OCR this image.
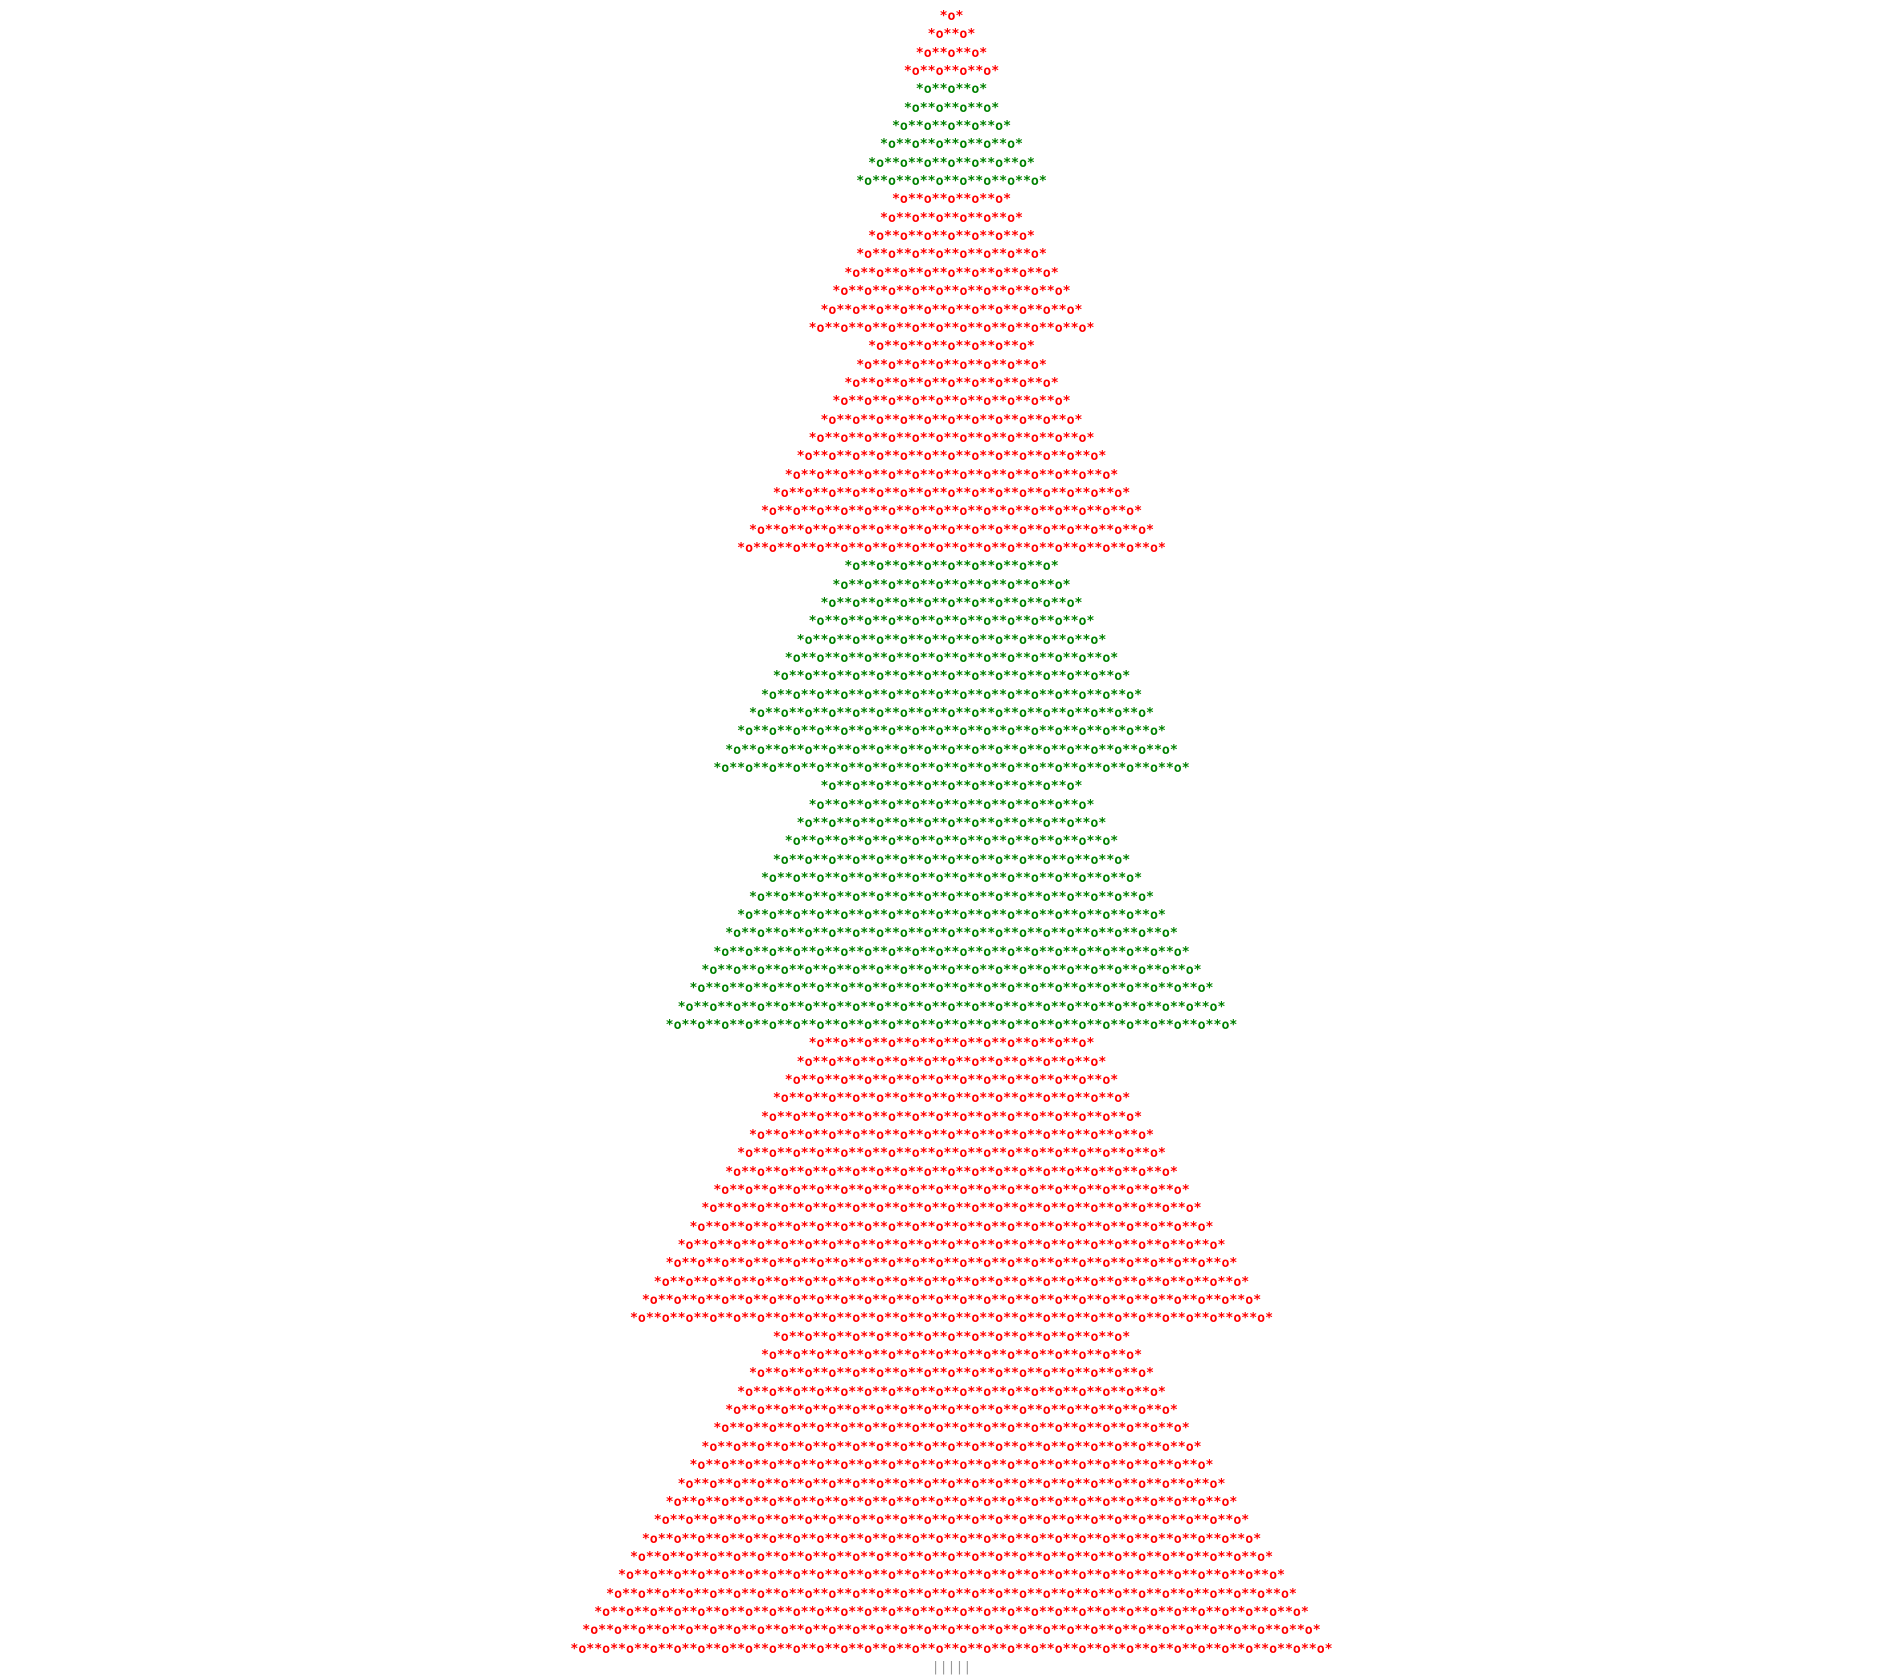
*o*
*o**o*
*o**o**o*
*o**o**o**o*
*o**o**o*
*o**o**o**o*
*o**o**o**o**o*
*o**o**o**o**o**o*
*o**o**o**o**o**o**o*
*o**o**o**o**o**o**o**o*
*o**o**o**o**o*
*o**o**o**o**o**o*
*o**o**o**o**o**o**o*
*o**o**o**o**o**o**o**o*
*o**o**o**o**o**o**o**o**o*
*o**o**o**o**o**o**o**o**o**o*
*o**o**o**o**o**o**o**o**o**o**o*
*o**o**o**o**o**o**o**o**o**o**o**o*
*o**o**o**o**o**o**o*
*o**o**o**o**o**o**o**o*
*o**o**o**o**o**o**o**o**o*
*o**o**o**o**o**o**o**o**o**o*
*o**o**o**o**o**o**o**o**o**o**o*
*o**o**o**o**o**o**o**o**o**o**o**o*
*o**o**o**o**o**o**o**o**o**o**o**o**o*
*o**o**o**o**o**o**o**o**o**o**o**o**o**o*
*o**o**o**o**o**o**o**o**o**o**o**o**o**o**o*
*o**o**o**o**o**o**o**o**o**o**o**o**o**o**o**o*
*o**o**o**o**o**o**o**o**o**o**o**o**o**o**o**o**o*
*o**o**o**o**o**o**o**o**o**o**o**o**o**o**o**o**o**o*
*o**o**o**o**o**o**o**o**o*
*o**o**o**o**o**o**o**o**o**o*
*o**o**o**o**o**o**o**o**o**o**o*
*o**o**o**o**o**o**o**o**o**o**o**o*
*o**o**o**o**o**o**o**o**o**o**o**o**o*
*o**o**o**o**o**o**o**o**o**o**o**o**o**o*
*o**o**o**o**o**o**o**o**o**o**o**o**o**o**o*
*o**o**o**o**o**o**o**o**o**o**o**o**o**o**o**o*
*o**o**o**o**o**o**o**o**o**o**o**o**o**o**o**o**o*
*o**o**o**o**o**o**o**o**o**o**o**o**o**o**o**o**o**o*
*o**o**o**o**o**o**o**o**o**o**o**o**o**o**o**o**o**o**o*
*o**o**o**o**o**o**o**o**o**o**o**o**o**o**o**o**o**o**o**o*
*o**o**o**o**o**o**o**o**o**o**o*
*o**o**o**o**o**o**o**o**o**o**o**o*
*o**o**o**o**o**o**o**o**o**o**o**o**o*
*o**o**o**o**o**o**o**o**o**o**o**o**o**o*
*o**o**o**o**o**o**o**o**o**o**o**o**o**o**o*
*o**o**o**o**o**o**o**o**o**o**o**o**o**o**o**o*
*o**o**o**o**o**o**o**o**o**o**o**o**o**o**o**o**o*
*o**o**o**o**o**o**o**o**o**o**o**o**o**o**o**o**o**o*
*o**o**o**o**o**o**o**o**o**o**o**o**o**o**o**o**o**o**o*
*o**o**o**o**o**o**o**o**o**o**o**o**o**o**o**o**o**o**o**o*
*o**o**o**o**o**o**o**o**o**o**o**o**o**o**o**o**o**o**o**o**o*
*o**o**o**o**o**o**o**o**o**o**o**o**o**o**o**o**o**o**o**o**o**o*
*o**o**o**o**o**o**o**o**o**o**o**o**o**o**o**o**o**o**o**o**o**o**o*
*o**o**o**o**o**o**o**o**o**o**o**o**o**o**o**o**o**o**o**o**o**o**o**o*
*o**o**o**o**o**o**o**o**o**o**o**o*
*o**o**o**o**o**o**o**o**o**o**o**o**o*
*o**o**o**o**o**o**o**o**o**o**o**o**o**o*
*o**o**o**o**o**o**o**o**o**o**o**o**o**o**o*
*o**o**o**o**o**o**o**o**o**o**o**o**o**o**o**o*
*o**o**o**o**o**o**o**o**o**o**o**o**o**o**o**o**o*
*o**o**o**o**o**o**o**o**o**o**o**o**o**o**o**o**o**o*
*o**o**o**o**o**o**o**o**o**o**o**o**o**o**o**o**o**o**o*
*o**o**o**o**o**o**o**o**o**o**o**o**o**o**o**o**o**o**o**o*
*o**o**o**o**o**o**o**o**o**o**o**o**o**o**o**o**o**o**o**o**o*
*o**o**o**o**o**o**o**o**o**o**o**o**o**o**o**o**o**o**o**o**o**o*
*o**o**o**o**o**o**o**o**o**o**o**o**o**o**o**o**o**o**o**o**o**o**o*
*o**o**o**o**o**o**o**o**o**o**o**o**o**o**o**o**o**o**o**o**o**o**o**o*
*o**o**o**o**o**o**o**o**o**o**o**o**o**o**o**o**o**o**o**o**o**o**o**o**o*
*o**o**o**o**o**o**o**o**o**o**o**o**o**o**o**o**o**o**o**o**o**o**o**o**o**o*
*o**o**o**o**o**o**o**o**o**o**o**o**o**o**o**o**o**o**o**o**o**o**o**o**o**o**o*
*o**o**o**o**o**o**o**o**o**o**o**o**o**o**o*
*o**o**o**o**o**o**o**o**o**o**o**o**o**o**o**o*
*o**o**o**o**o**o**o**o**o**o**o**o**o**o**o**o**o*
*o**o**o**o**o**o**o**o**o**o**o**o**o**o**o**o**o**o*
*o**o**o**o**o**o**o**o**o**o**o**o**o**o**o**o**o**o**o*
*o**o**o**o**o**o**o**o**o**o**o**o**o**o**o**o**o**o**o**o*
*o**o**o**o**o**o**o**o**o**o**o**o**o**o**o**o**o**o**o**o**o*
*o**o**o**o**o**o**o**o**o**o**o**o**o**o**o**o**o**o**o**o**o**o*
*o**o**o**o**o**o**o**o**o**o**o**o**o**o**o**o**o**o**o**o**o**o**o*
*o**o**o**o**o**o**o**o**o**o**o**o**o**o**o**o**o**o**o**o**o**o**o**o*
*o**o**o**o**o**o**o**o**o**o**o**o**o**o**o**o**o**o**o**o**o**o**o**o**o*
*o**o**o**o**o**o**o**o**o**o**o**o**o**o**o**o**o**o**o**o**o**o**o**o**o**o*
*o**o**o**o**o**o**o**o**o**o**o**o**o**o**o**o**o**o**o**o**o**o**o**o**o**o**o*
*o**o**o**o**o**o**o**o**o**o**o**o**o**o**o**o**o**o**o**o**o**o**o**o**o**o**o**o*
*o**o**o**o**o**o**o**o**o**o**o**o**o**o**o**o**o**o**o**o**o**o**o**o**o**o**o**o**o*
*o**o**o**o**o**o**o**o**o**o**o**o**o**o**o**o**o**o**o**o**o**o**o**o**o**o**o**o**o**o*
*o**o**o**o**o**o**o**o**o**o**o**o**o**o**o**o**o**o**o**o**o**o**o**o**o**o**o**o**o**o**o*
*o**o**o**o**o**o**o**o**o**o**o**o**o**o**o**o**o**o**o**o**o**o**o**o**o**o**o**o**o**o**o**o*
|||||
